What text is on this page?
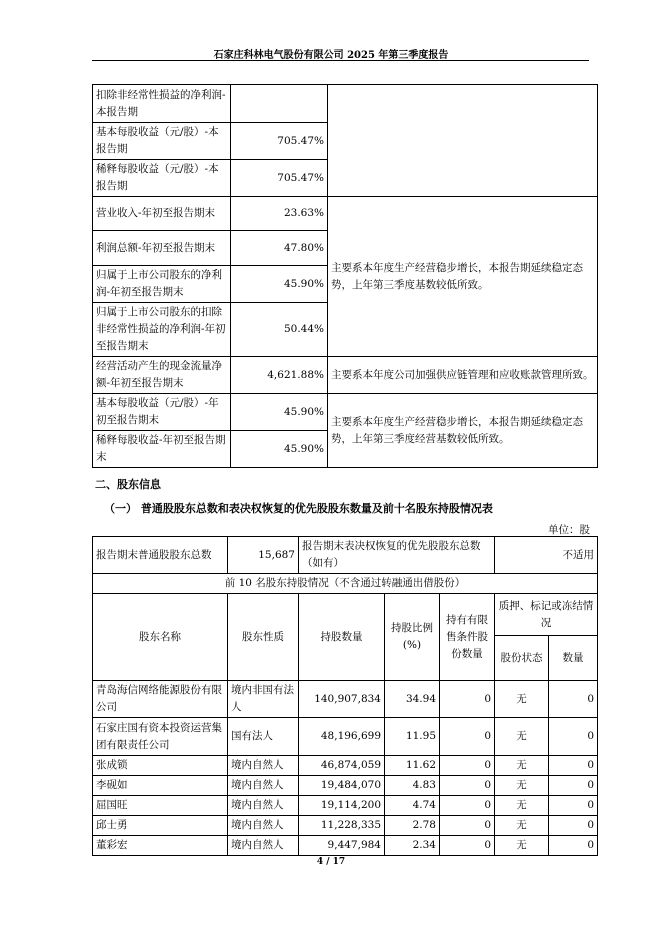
石家庄科林电气股份有限公司 2025 年第三季度报告
扣除非经常性损益的净利润-本报告期		
基本每股收益（元/股）-本报告期	705.47%	
稀释每股收益（元/股）-本报告期	705.47%	
营业收入-年初至报告期末	23.63%	主要系本年度生产经营稳步增长，本报告期延续稳定态势，上年第三季度基数较低所致。
利润总额-年初至报告期末	47.80%	
归属于上市公司股东的净利润-年初至报告期末	45.90%	
归属于上市公司股东的扣除非经常性损益的净利润-年初至报告期末	50.44%	
经营活动产生的现金流量净额-年初至报告期末	4,621.88%	主要系本年度公司加强供应链管理和应收账款管理所致。
基本每股收益（元/股）-年初至报告期末	45.90%	主要系本年度生产经营稳步增长，本报告期延续稳定态势，上年第三季度经营基数较低所致。
稀释每股收益-年初至报告期末	45.90%	
二、股东信息
（一） 普通股股东总数和表决权恢复的优先股股东数量及前十名股东持股情况表
单位：股
报告期末普通股股东总数	15,687	报告期末表决权恢复的优先股股东总数（如有）			不适用	
前 10 名股东持股情况（不含通过转融通出借股份）						
股东名称	股东性质	持股数量	持股比例(%)	持有有限售条件股份数量	质押、标记或冻结情况	
					股份状态	数量
青岛海信网络能源股份有限公司	境内非国有法人	140,907,834	34.94	0	无	0
石家庄国有资本投资运营集团有限责任公司	国有法人	48,196,699	11.95	0	无	0
张成锁	境内自然人	46,874,059	11.62	0	无	0
李砚如	境内自然人	19,484,070	4.83	0	无	0
屈国旺	境内自然人	19,114,200	4.74	0	无	0
邱士勇	境内自然人	11,228,335	2.78	0	无	0
董彩宏	境内自然人	9,447,984	2.34	0	无	0
4 / 17
